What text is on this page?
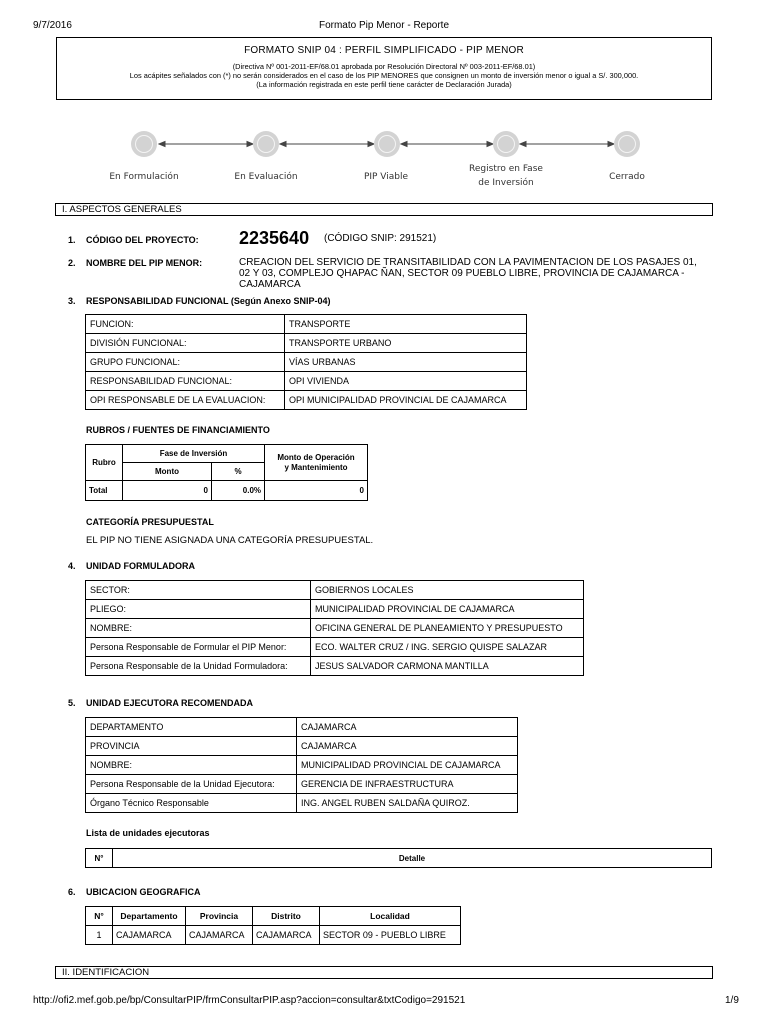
9/7/2016	Formato Pip Menor - Reporte
FORMATO SNIP 04 : PERFIL SIMPLIFICADO - PIP MENOR
(Directiva Nº 001-2011-EF/68.01 aprobada por Resolución Directoral Nº 003-2011-EF/68.01)
Los acápites señalados con (*) no serán considerados en el caso de los PIP MENORES que consignen un monto de inversión menor o igual a S/. 300,000.
(La información registrada en este perfil tiene carácter de Declaración Jurada)
En Formulación	En Evaluación	PIP Viable
Registro en Fase
de Inversión
Cerrado
I. ASPECTOS GENERALES
1. CÓDIGO DEL PROYECTO: 2235640 (CÓDIGO SNIP: 291521)
2. NOMBRE DEL PIP MENOR:	CREACION DEL SERVICIO DE TRANSITABILIDAD CON LA PAVIMENTACION DE LOS PASAJES 01,
02 Y 03, COMPLEJO QHAPAC ÑAN, SECTOR 09 PUEBLO LIBRE, PROVINCIA DE CAJAMARCA -
CAJAMARCA
3. RESPONSABILIDAD FUNCIONAL (Según Anexo SNIP-04)
FUNCION:	TRANSPORTE
DIVISIÓN FUNCIONAL:	TRANSPORTE URBANO
GRUPO FUNCIONAL:	VÍAS URBANAS
RESPONSABILIDAD FUNCIONAL:	OPI VIVIENDA
OPI RESPONSABLE DE LA EVALUACION:	OPI MUNICIPALIDAD PROVINCIAL DE CAJAMARCA
RUBROS / FUENTES DE FINANCIAMIENTO
Rubro	Fase de Inversión		Monto de Operación
y Mantenimiento

	Monto	%	
Total	0	0.0%	0
CATEGORÍA PRESUPUESTAL
EL PIP NO TIENE ASIGNADA UNA CATEGORÍA PRESUPUESTAL.
4. UNIDAD FORMULADORA
SECTOR:	GOBIERNOS LOCALES
PLIEGO:	MUNICIPALIDAD PROVINCIAL DE CAJAMARCA
NOMBRE:	OFICINA GENERAL DE PLANEAMIENTO Y PRESUPUESTO
Persona Responsable de Formular el PIP Menor:	ECO. WALTER CRUZ / ING. SERGIO QUISPE SALAZAR
Persona Responsable de la Unidad Formuladora:	JESUS SALVADOR CARMONA MANTILLA
5. UNIDAD EJECUTORA RECOMENDADA
DEPARTAMENTO	CAJAMARCA
PROVINCIA	CAJAMARCA
NOMBRE:	MUNICIPALIDAD PROVINCIAL DE CAJAMARCA
Persona Responsable de la Unidad Ejecutora:	GERENCIA DE INFRAESTRUCTURA
Órgano Técnico Responsable	ING. ANGEL RUBEN SALDAÑA QUIROZ.
Lista de unidades ejecutoras
N°	Detalle
6. UBICACION GEOGRAFICA
N°	Departamento	Provincia	Distrito	Localidad
1	CAJAMARCA	CAJAMARCA	CAJAMARCA	SECTOR 09 - PUEBLO LIBRE
II. IDENTIFICACION
http://ofi2.mef.gob.pe/bp/ConsultarPIP/frmConsultarPIP.asp?accion=consultar&txtCodigo=291521	1/9
